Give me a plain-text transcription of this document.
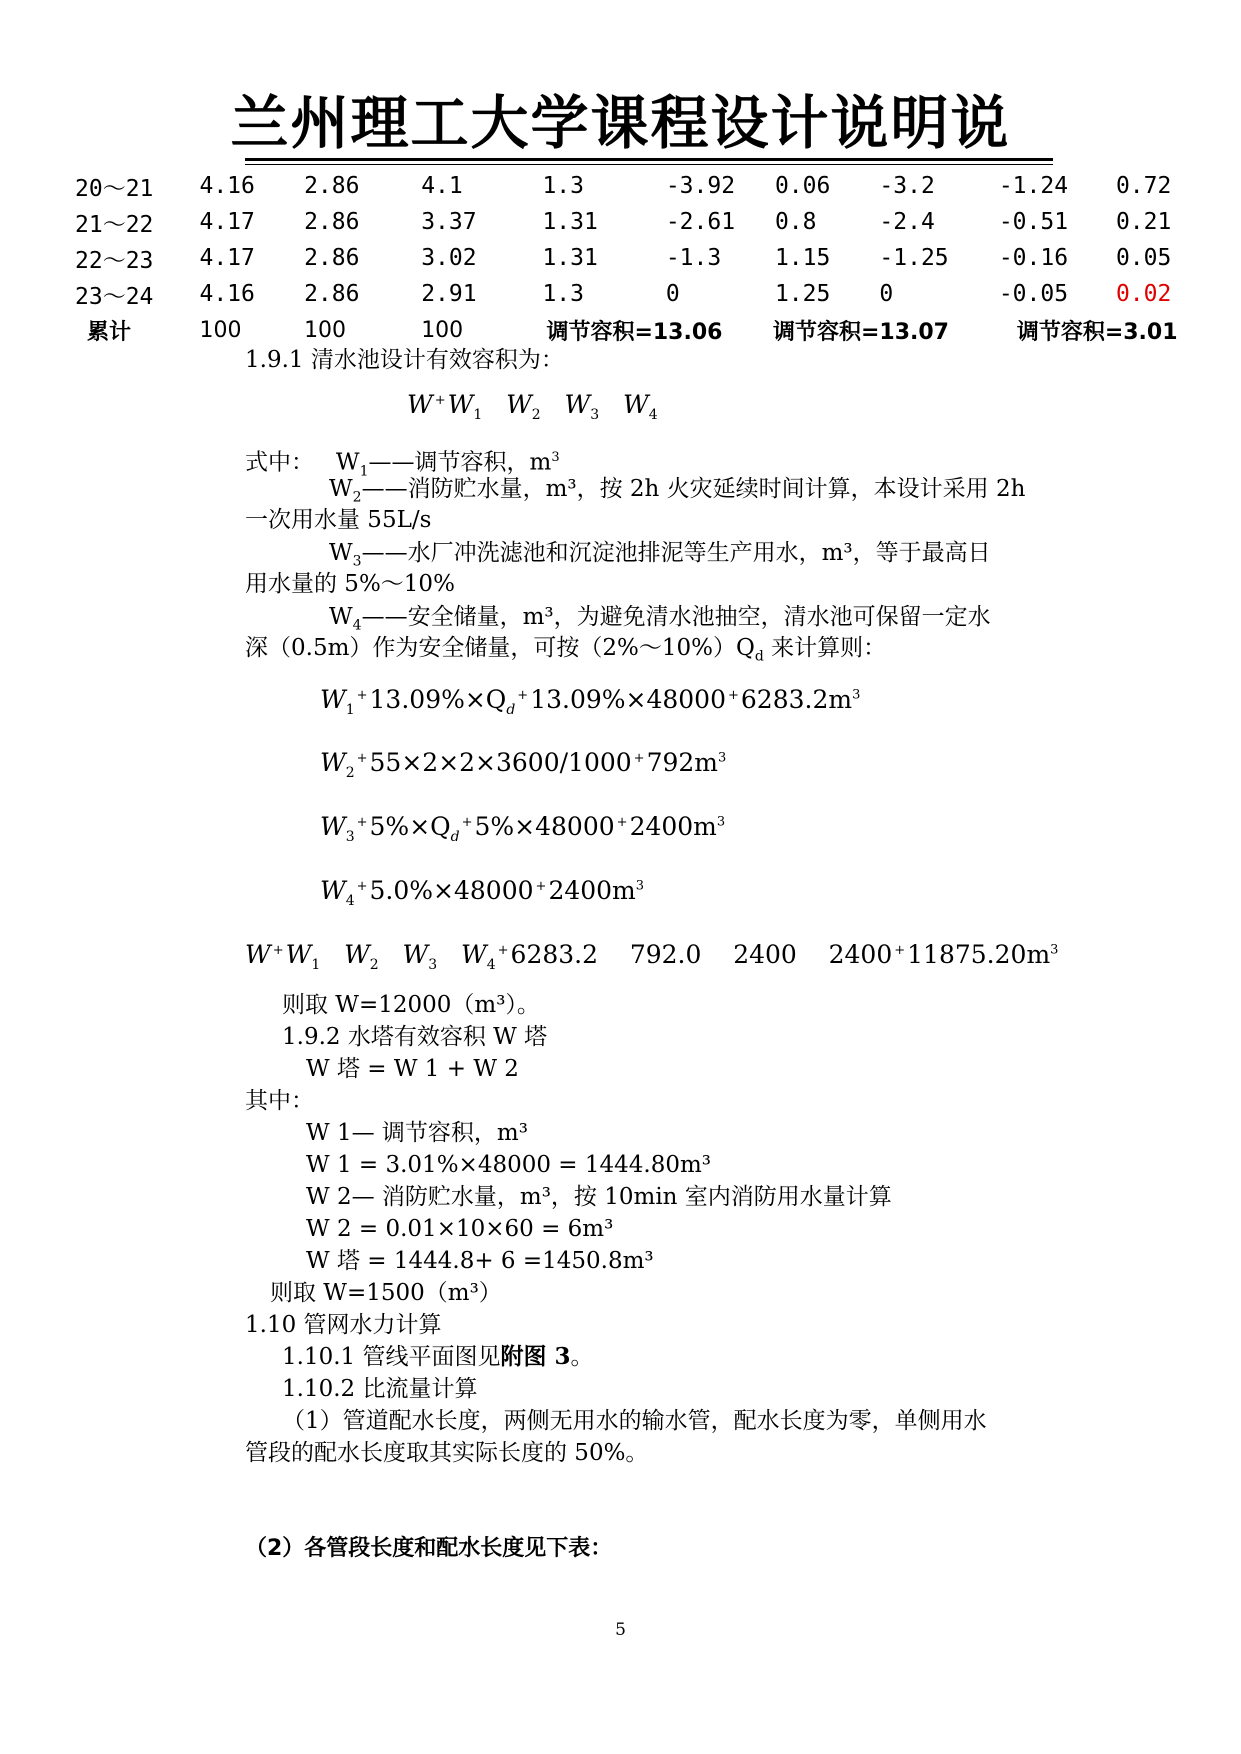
兰州理工大学课程设计说明说
20～21	4.16	2.86	4.1	1.3	-3.92	0.06	-3.2	-1.24	0.72
21～22	4.17	2.86	3.37	1.31	-2.61	0.8	-2.4	-0.51	0.21
22～23	4.17	2.86	3.02	1.31	-1.3	1.15	-1.25	-0.16	0.05
23～24	4.16	2.86	2.91	1.3	0	1.25	0	-0.05	0.02
累计	100	100	100	调节容积=13.06		调节容积=13.07		调节容积=3.01	
1.9.1 清水池设计有效容积为：
W $^+W_1$   $W_2$   $W_3$   $W_4$
式中：   $W_1——$调节容积，$m^3$
$W_2——$消防贮水量，m³，按 2h 火灾延续时间计算，本设计采用 2h
一次用水量 55L/s
$W_3——$水厂冲洗滤池和沉淀池排泥等生产用水，m³，等于最高日
用水量的 5%～10%
$W_4——$安全储量，m³，为避免清水池抽空，清水池可保留一定水
深（0.5m）作为安全储量，可按$(2\%\sim 10\%)Q_d$ 来计算则：
$W_1^+13.09\%\times Q_d^+13.09\%\times 48000$ $^+6283.2m^3$
$W_2^+55\times 2\times 2\times 3600/1000$ $^+792m^3$
$W_3^+5\%\times Q_d^+5\%\times 48000$ $^+2400m^3$
$W_4^+5.0\%\times 48000$ $^+2400m^3$
W $^+W_1$   $W_2$   $W_3$   $W_4^+6283.2$ 792.0 2400 2400 $^+11875.20m^3$
则取 W=12000（m³）。
1.9.2 水塔有效容积 W 塔
W 塔 = W 1 + W 2
其中：
W 1— 调节容积，m³
W 1 = 3.01%×48000 = 1444.80m³
W 2— 消防贮水量，m³，按 10min 室内消防用水量计算
W 2 = 0.01×10×60 = 6m³
W 塔 = 1444.8+ 6 =1450.8m³
则取 W=1500（m³）
1.10 管网水力计算
1.10.1 管线平面图见附图 3。
1.10.2 比流量计算
（1）管道配水长度，两侧无用水的输水管，配水长度为零，单侧用水
管段的配水长度取其实际长度的 50%。
（2）各管段长度和配水长度见下表：
5
